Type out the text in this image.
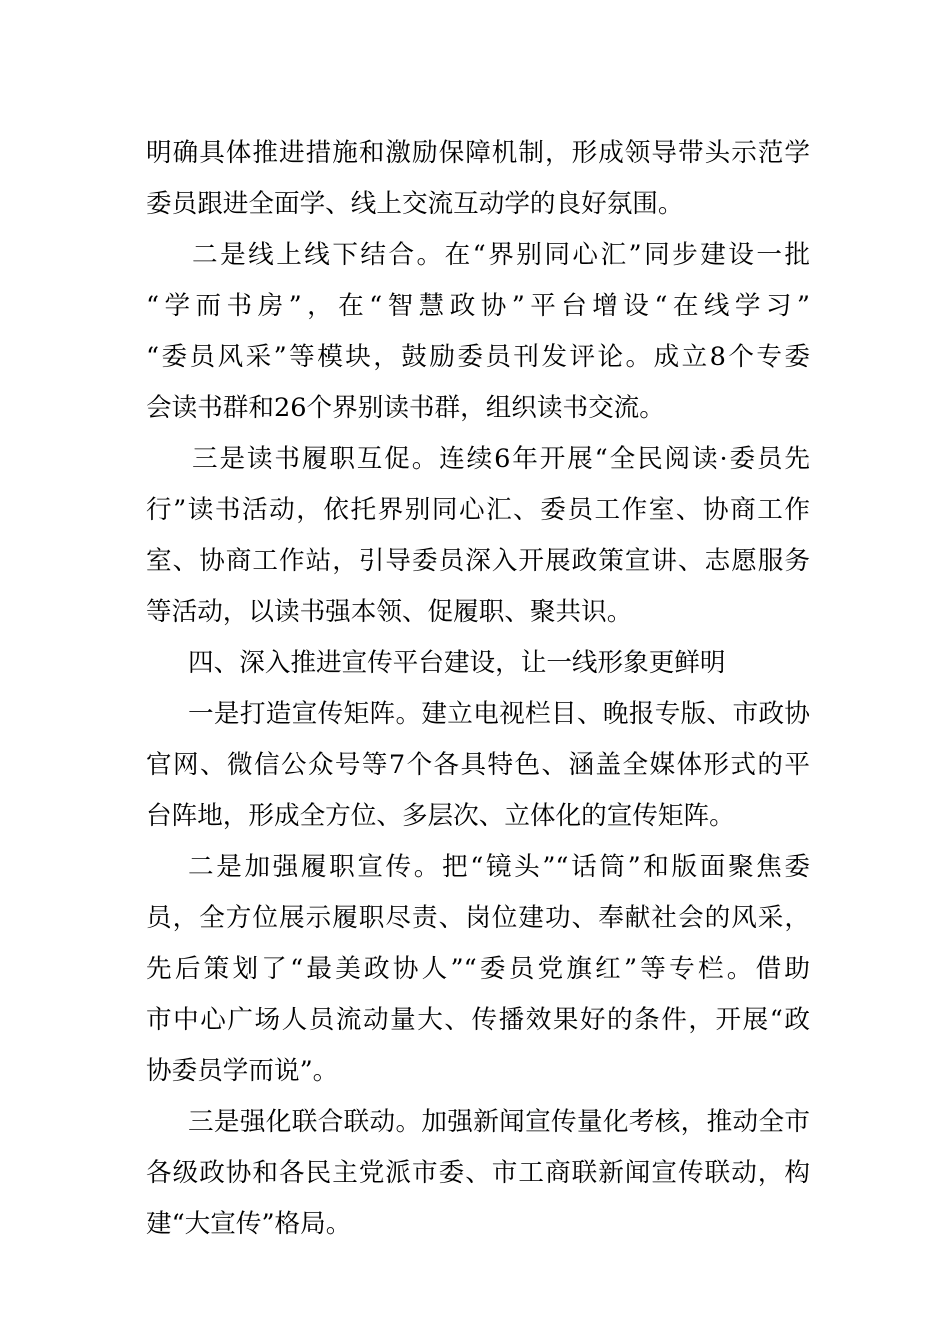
明确具体推进措施和激励保障机制，形成领导带头示范学
委员跟进全面学、线上交流互动学的良好氛围。
二是线上线下结合。在“界别同心汇”同步建设一批
“学而书房”，在“智慧政协”平台增设“在线学习”
“委员风采”等模块，鼓励委员刊发评论。成立8个专委
会读书群和26个界别读书群，组织读书交流。
三是读书履职互促。连续6年开展“全民阅读·委员先
行”读书活动，依托界别同心汇、委员工作室、协商工作
室、协商工作站，引导委员深入开展政策宣讲、志愿服务
等活动，以读书强本领、促履职、聚共识。
四、深入推进宣传平台建设，让一线形象更鲜明
一是打造宣传矩阵。建立电视栏目、晚报专版、市政协
官网、微信公众号等7个各具特色、涵盖全媒体形式的平
台阵地，形成全方位、多层次、立体化的宣传矩阵。
二是加强履职宣传。把“镜头”“话筒”和版面聚焦委
员，全方位展示履职尽责、岗位建功、奉献社会的风采，
先后策划了“最美政协人”“委员党旗红”等专栏。借助
市中心广场人员流动量大、传播效果好的条件，开展“政
协委员学而说”。
三是强化联合联动。加强新闻宣传量化考核，推动全市
各级政协和各民主党派市委、市工商联新闻宣传联动，构
建“大宣传”格局。
